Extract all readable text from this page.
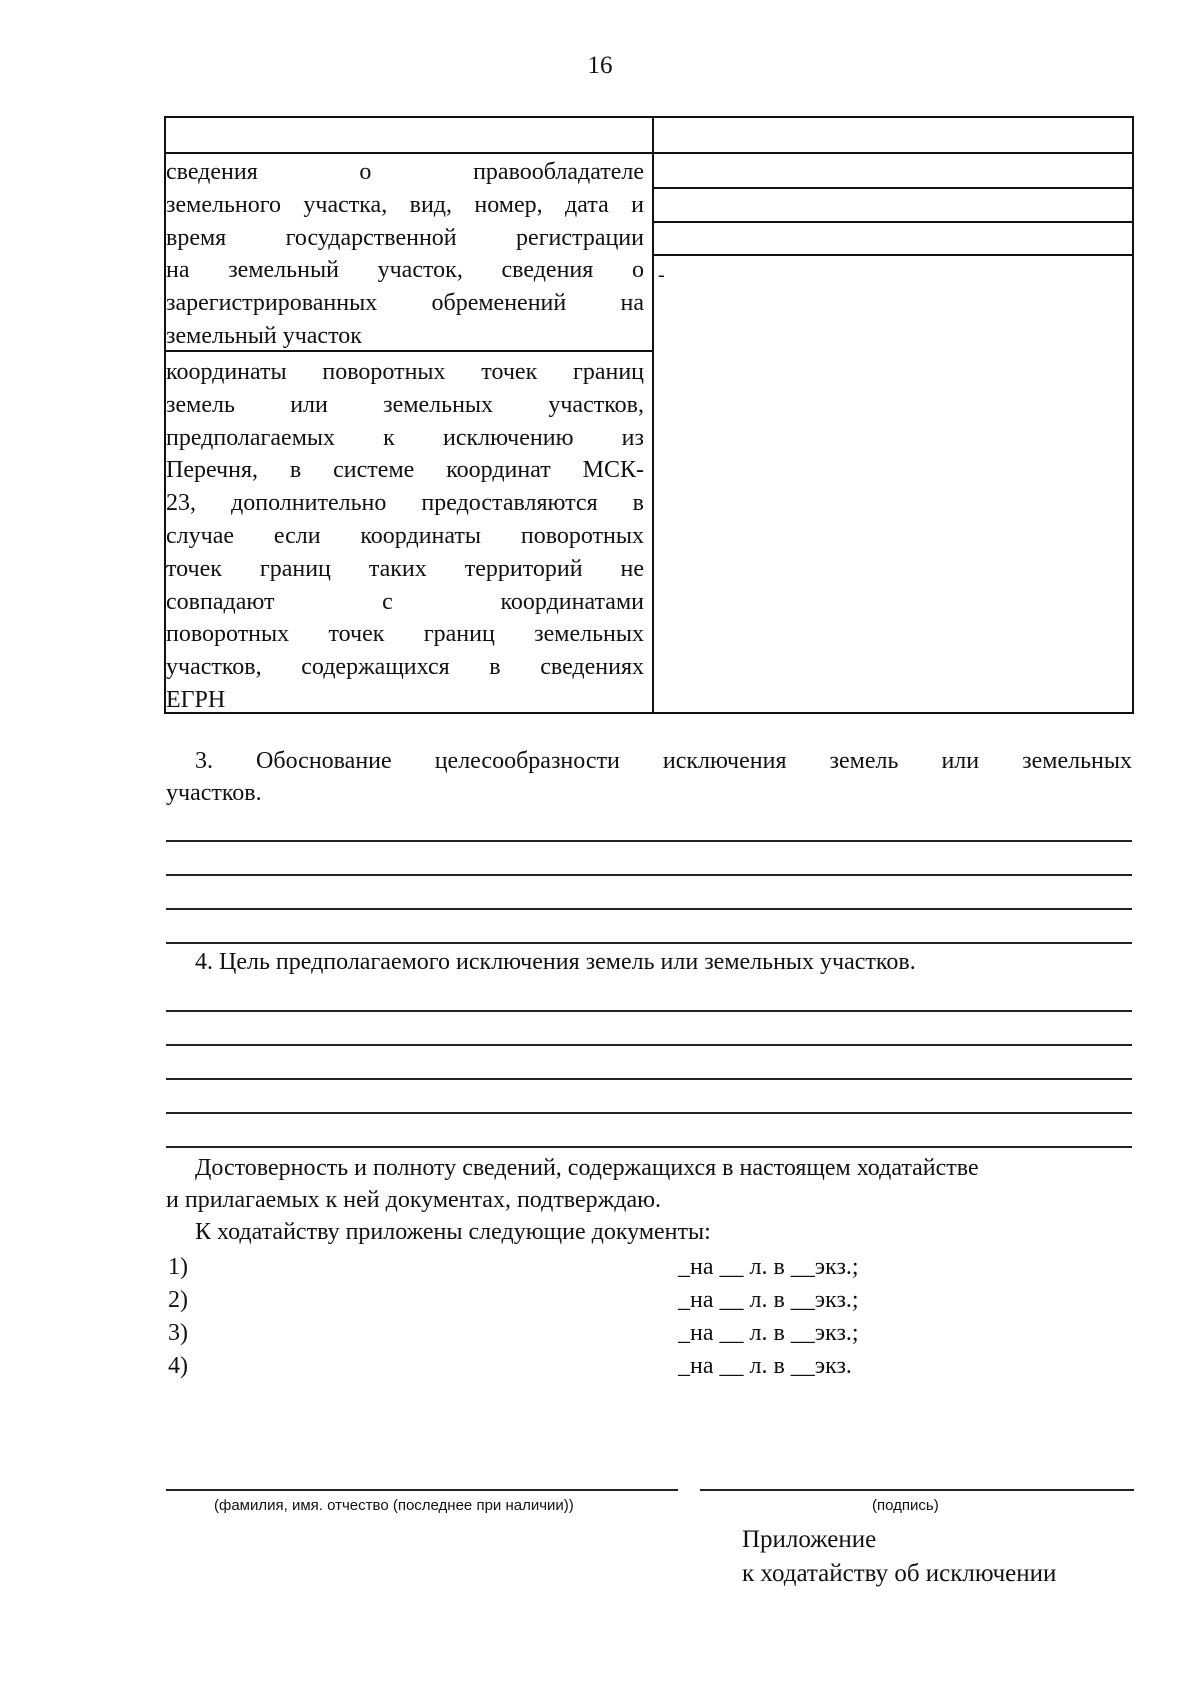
16
сведения о правообладателе
земельного участка, вид, номер, дата и
время государственной регистрации
на земельный участок, сведения о
зарегистрированных обременений на
земельный участок
-
координаты поворотных точек границ
земель или земельных участков,
предполагаемых к исключению из
Перечня, в системе координат МСК-
23, дополнительно предоставляются в
случае если координаты поворотных
точек границ таких территорий не
совпадают с координатами
поворотных точек границ земельных
участков, содержащихся в сведениях
ЕГРН
3. Обоснование целесообразности исключения земель или земельных
участков.
4. Цель предполагаемого исключения земель или земельных участков.
Достоверность и полноту сведений, содержащихся в настоящем ходатайстве
и прилагаемых к ней документах, подтверждаю.
К ходатайству приложены следующие документы:
1)	_на __ л. в __экз.;
2)	_на __ л. в __экз.;
3)	_на __ л. в __экз.;
4)	_на __ л. в __экз.
(фамилия, имя. отчество (последнее при наличии))	(подпись)
Приложение
к ходатайству об исключении
